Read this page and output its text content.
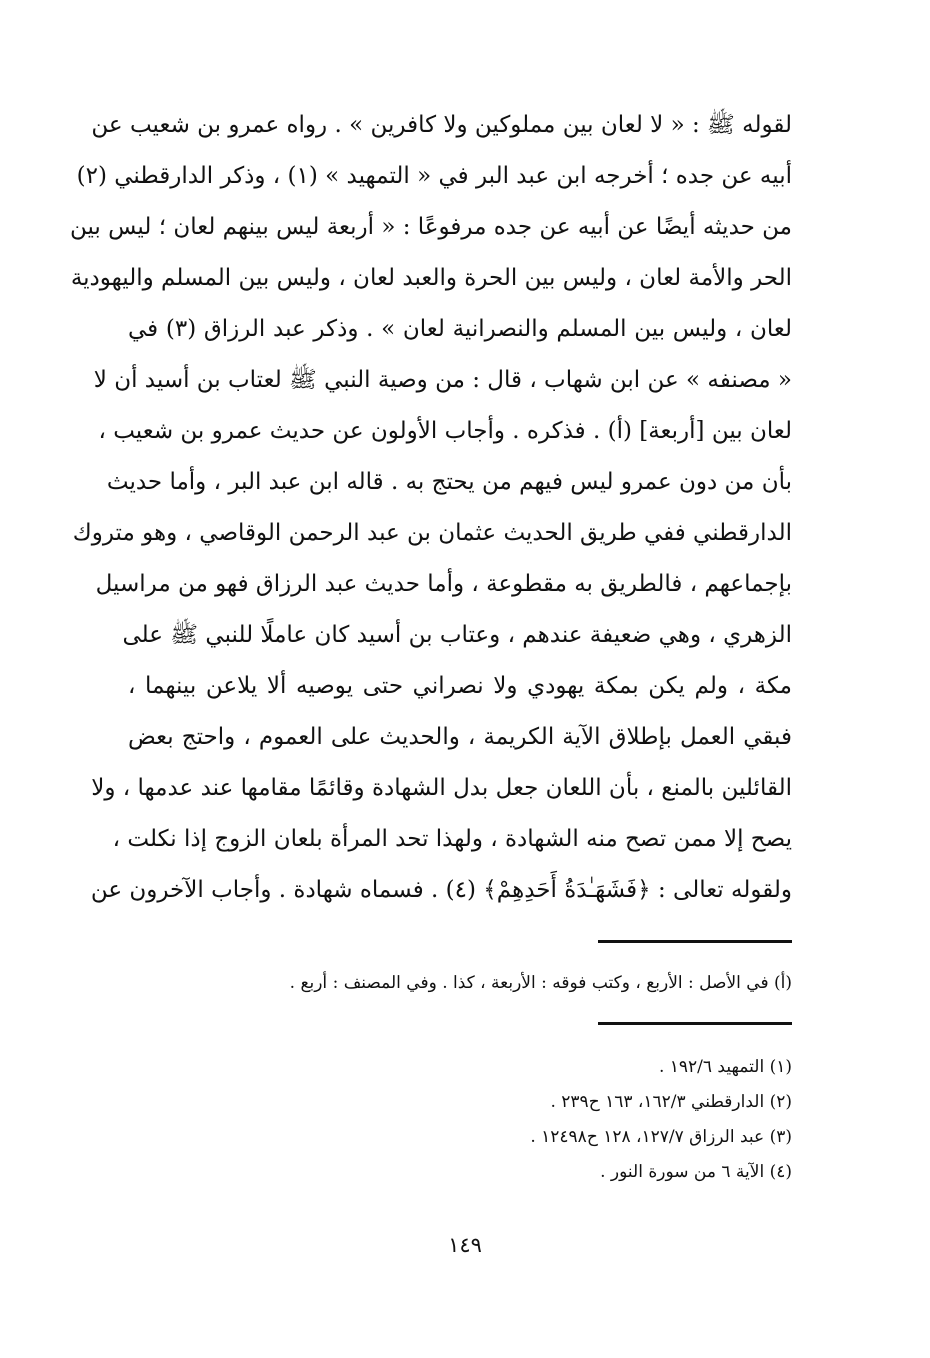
لقوله ﷺ : « لا لعان بين مملوكين ولا كافرين » . رواه عمرو بن شعيب عن
أبيه عن جده ؛ أخرجه ابن عبد البر في « التمهيد » (١) ، وذكر الدارقطني (٢)
من حديثه أيضًا عن أبيه عن جده مرفوعًا : « أربعة ليس بينهم لعان ؛ ليس بين
الحر والأمة لعان ، وليس بين الحرة والعبد لعان ، وليس بين المسلم واليهودية
لعان ، وليس بين المسلم والنصرانية لعان » . وذكر عبد الرزاق (٣) في
« مصنفه » عن ابن شهاب ، قال : من وصية النبي ﷺ لعتاب بن أسيد أن لا
لعان بين [أربعة] (أ) . فذكره . وأجاب الأولون عن حديث عمرو بن شعيب ،
بأن من دون عمرو ليس فيهم من يحتج به . قاله ابن عبد البر ، وأما حديث
الدارقطني ففي طريق الحديث عثمان بن عبد الرحمن الوقاصي ، وهو متروك
بإجماعهم ، فالطريق به مقطوعة ، وأما حديث عبد الرزاق فهو من مراسيل
الزهري ، وهي ضعيفة عندهم ، وعتاب بن أسيد كان عاملًا للنبي ﷺ على
مكة ، ولم يكن بمكة يهودي ولا نصراني حتى يوصيه ألا يلاعن بينهما ،
فبقي العمل بإطلاق الآية الكريمة ، والحديث على العموم ، واحتج بعض
القائلين بالمنع ، بأن اللعان جعل بدل الشهادة وقائمًا مقامها عند عدمها ، ولا
يصح إلا ممن تصح منه الشهادة ، ولهذا تحد المرأة بلعان الزوج إذا نكلت ،
ولقوله تعالى : ﴿فَشَهَـٰدَةُ أَحَدِهِمْ﴾ (٤) . فسماه شهادة . وأجاب الآخرون عن
(أ) في الأصل : الأربع ، وكتب فوقه : الأربعة ، كذا . وفي المصنف : أربع .
(١) التمهيد ١٩٢/٦ .
(٢) الدارقطني ١٦٢/٣، ١٦٣ ح٢٣٩ .
(٣) عبد الرزاق ١٢٧/٧، ١٢٨ ح١٢٤٩٨ .
(٤) الآية ٦ من سورة النور .
١٤٩
